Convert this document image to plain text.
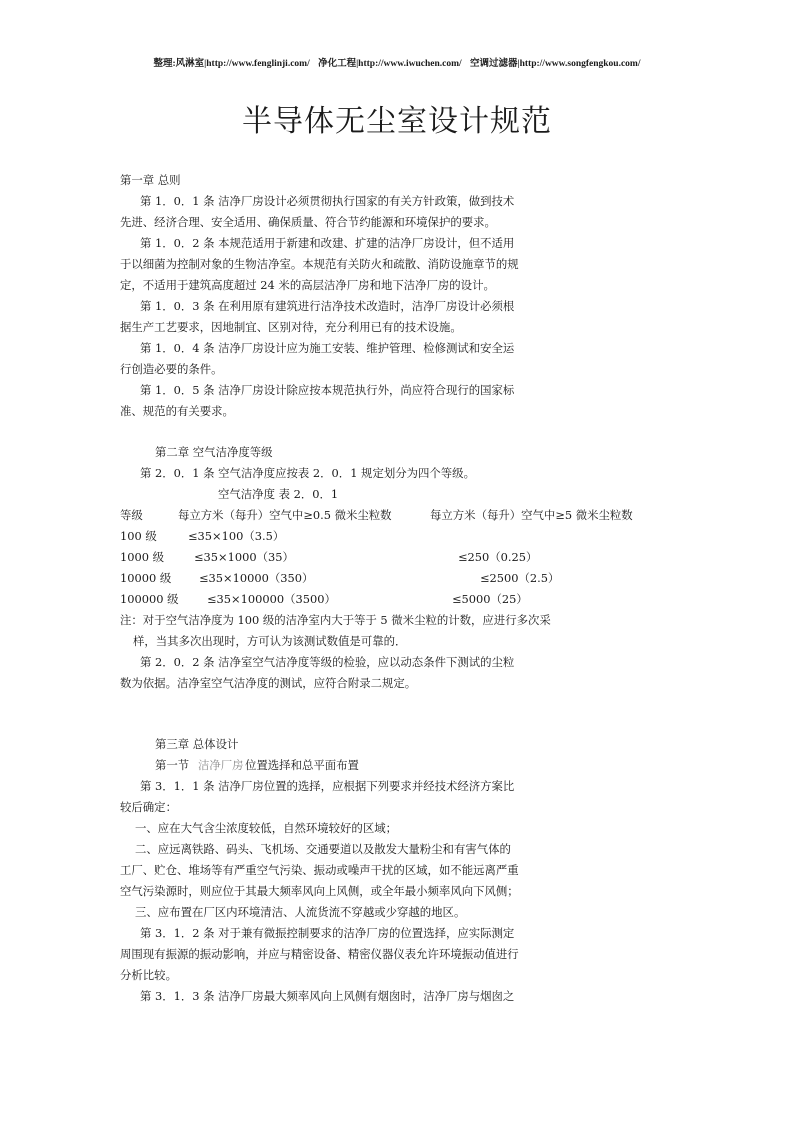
整理:风淋室|http://www.fenglinji.com/ 净化工程|http://www.iwuchen.com/ 空调过滤器|http://www.songfengkou.com/
半导体无尘室设计规范
第一章 总则
第 1．0．1 条 洁净厂房设计必须贯彻执行国家的有关方针政策，做到技术
先进、经济合理、安全适用、确保质量、符合节约能源和环境保护的要求。
第 1．0．2 条 本规范适用于新建和改建、扩建的洁净厂房设计，但不适用
于以细菌为控制对象的生物洁净室。本规范有关防火和疏散、消防设施章节的规
定，不适用于建筑高度超过 24 米的高层洁净厂房和地下洁净厂房的设计。
第 1．0．3 条 在利用原有建筑进行洁净技术改造时，洁净厂房设计必须根
据生产工艺要求，因地制宜、区别对待，充分利用已有的技术设施。
第 1．0．4 条 洁净厂房设计应为施工安装、维护管理、检修测试和安全运
行创造必要的条件。
第 1．0．5 条 洁净厂房设计除应按本规范执行外，尚应符合现行的国家标
准、规范的有关要求。
第二章 空气洁净度等级
第 2．0．1 条 空气洁净度应按表 2．0．1 规定划分为四个等级。
空气洁净度 表 2．0．1
等级	每立方米（每升）空气中≥0.5 微米尘粒数	每立方米（每升）空气中≥5 微米尘粒数
100 级	≤35×100（3.5）
1000 级	≤35×1000（35）	≤250（0.25）
10000 级 ≤35×10000（350）	≤2500（2.5）
100000 级	≤35×100000（3500）	≤5000（25）
注：对于空气洁净度为 100 级的洁净室内大于等于 5 微米尘粒的计数，应进行多次采
样，当其多次出现时，方可认为该测试数值是可靠的．
第 2．0．2 条 洁净室空气洁净度等级的检验，应以动态条件下测试的尘粒
数为依据。洁净室空气洁净度的测试，应符合附录二规定。
第三章 总体设计
第一节 洁净厂房 位置选择和总平面布置
第 3．1．1 条 洁净厂房位置的选择，应根据下列要求并经技术经济方案比
较后确定：
一、应在大气含尘浓度较低，自然环境较好的区域；
二、应远离铁路、码头、飞机场、交通要道以及散发大量粉尘和有害气体的
工厂、贮仓、堆场等有严重空气污染、振动或噪声干扰的区域，如不能远离严重
空气污染源时，则应位于其最大频率风向上风侧，或全年最小频率风向下风侧；
三、应布置在厂区内环境清洁、人流货流不穿越或少穿越的地区。
第 3．1．2 条 对于兼有微振控制要求的洁净厂房的位置选择，应实际测定
周围现有振源的振动影响，并应与精密设备、精密仪器仪表允许环境振动值进行
分析比较。
第 3．1．3 条 洁净厂房最大频率风向上风侧有烟囱时，洁净厂房与烟囱之
